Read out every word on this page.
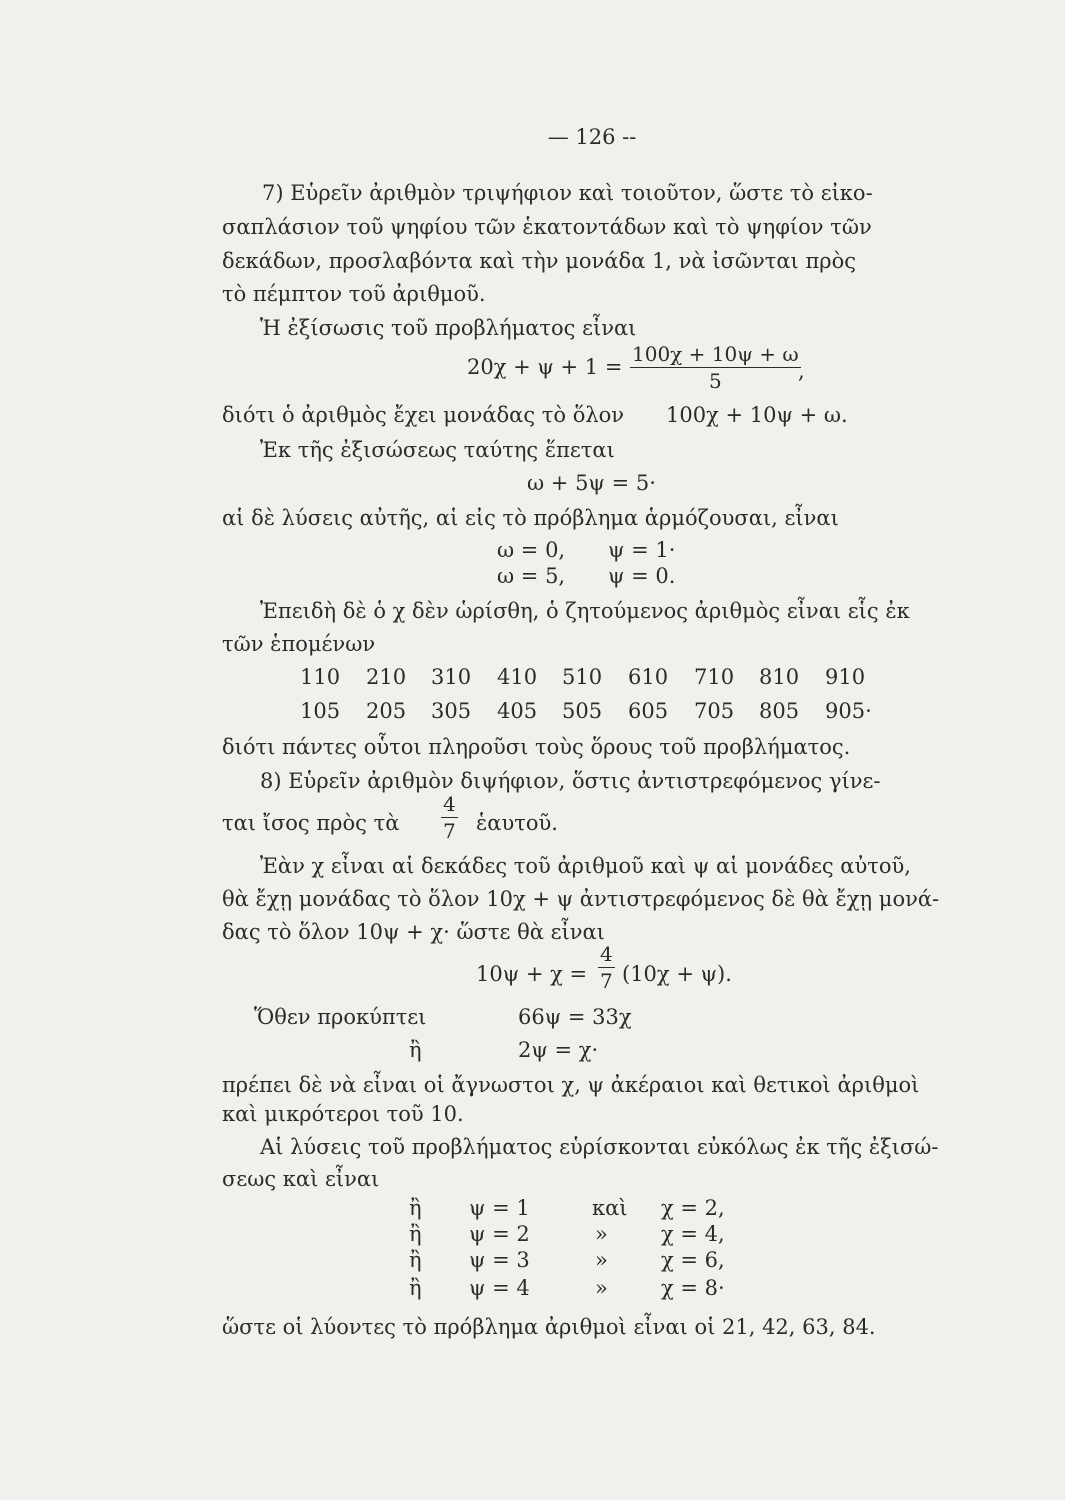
— 126 --
7) Εὑρεῖν ἀριθμὸν τριψήφιον καὶ τοιοῦτον, ὥστε τὸ εἰκο-
σαπλάσιον τοῦ ψηφίου τῶν ἑκατοντάδων καὶ τὸ ψηφίον τῶν
δεκάδων, προσλαβόντα καὶ τὴν μονάδα 1, νὰ ἰσῶνται πρὸς
τὸ πέμπτον τοῦ ἀριθμοῦ.
Ἡ ἐξίσωσις τοῦ προβλήματος εἶναι
$20\chi + \psi + 1 = \frac{100\chi + 10\psi + \omega}{5}$
,
διότι ὁ ἀριθμὸς ἔχει μονάδας τὸ ὅλον 100χ + 10ψ + ω.
Ἐκ τῆς ἐξισώσεως ταύτης ἕπεται
ω + 5ψ = 5·
αἱ δὲ λύσεις αὐτῆς, αἱ εἰς τὸ πρόβλημα ἁρμόζουσαι, εἶναι
ω = 0, ψ = 1·
ω = 5, ψ = 0.
Ἐπειδὴ δὲ ὁ χ δὲν ὡρίσθη, ὁ ζητούμενος ἀριθμὸς εἶναι εἷς ἐκ
τῶν ἑπομένων
110 210 310 410 510 610 710 810 910
105 205 305 405 505 605 705 805 905·
διότι πάντες οὗτοι πληροῦσι τοὺς ὅρους τοῦ προβλήματος.
8) Εὑρεῖν ἀριθμὸν διψήφιον, ὅστις ἀντιστρεφόμενος γίνε-
ται ἴσος πρὸς τὰ $\frac{4}{7}$ ἑαυτοῦ.
Ἐὰν χ εἶναι αἱ δεκάδες τοῦ ἀριθμοῦ καὶ ψ αἱ μονάδες αὐτοῦ,
θὰ ἔχῃ μονάδας τὸ ὅλον 10χ + ψ ἀντιστρεφόμενος δὲ θὰ ἔχῃ μονά-
δας τὸ ὅλον 10ψ + χ· ὥστε θὰ εἶναι
$10\psi + \chi = \frac{4}{7} (10\chi + \psi)$.
Ὅθεν προκύπτει	66ψ = 33χ
ἢ	2ψ = χ·
πρέπει δὲ νὰ εἶναι οἱ ἄγνωστοι χ, ψ ἀκέραιοι καὶ θετικοὶ ἀριθμοὶ
καὶ μικρότεροι τοῦ 10.
Αἱ λύσεις τοῦ προβλήματος εὑρίσκονται εὐκόλως ἐκ τῆς ἐξισώ-
σεως καὶ εἶναι
ἢ ψ = 1	καὶ χ = 2,
ἢ ψ = 2	»	χ = 4,
ἢ ψ = 3	»	χ = 6,
ἢ ψ = 4	»	χ = 8·
ὥστε οἱ λύοντες τὸ πρόβλημα ἀριθμοὶ εἶναι οἱ 21, 42, 63, 84.
